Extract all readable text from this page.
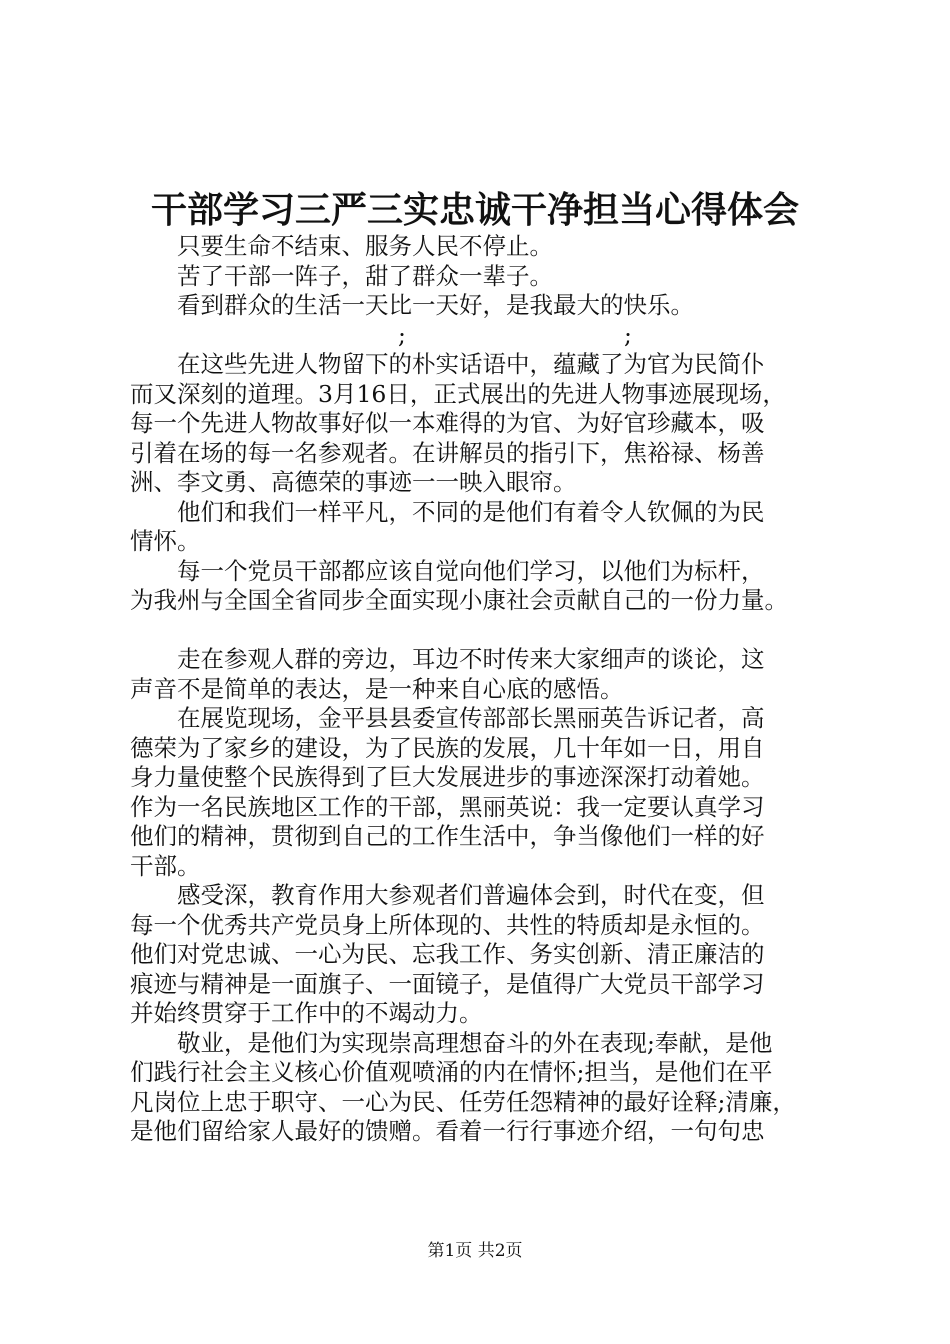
干部学习三严三实忠诚干净担当心得体会
只要生命不结束、服务人民不停止。
苦了干部一阵子，甜了群众一辈子。
看到群众的生活一天比一天好，是我最大的快乐。
;	;
在这些先进人物留下的朴实话语中，蕴藏了为官为民简仆
而又深刻的道理。3月16日，正式展出的先进人物事迹展现场，
每一个先进人物故事好似一本难得的为官、为好官珍藏本，吸
引着在场的每一名参观者。在讲解员的指引下，焦裕禄、杨善
洲、李文勇、高德荣的事迹一一映入眼帘。
他们和我们一样平凡，不同的是他们有着令人钦佩的为民
情怀。
每一个党员干部都应该自觉向他们学习，以他们为标杆，
为我州与全国全省同步全面实现小康社会贡献自己的一份力量。
走在参观人群的旁边，耳边不时传来大家细声的谈论，这
声音不是简单的表达，是一种来自心底的感悟。
在展览现场，金平县县委宣传部部长黑丽英告诉记者，高
德荣为了家乡的建设，为了民族的发展，几十年如一日，用自
身力量使整个民族得到了巨大发展进步的事迹深深打动着她。
作为一名民族地区工作的干部，黑丽英说：我一定要认真学习
他们的精神，贯彻到自己的工作生活中，争当像他们一样的好
干部。
感受深，教育作用大参观者们普遍体会到，时代在变，但
每一个优秀共产党员身上所体现的、共性的特质却是永恒的。
他们对党忠诚、一心为民、忘我工作、务实创新、清正廉洁的
痕迹与精神是一面旗子、一面镜子，是值得广大党员干部学习
并始终贯穿于工作中的不竭动力。
敬业，是他们为实现崇高理想奋斗的外在表现;奉献，是他
们践行社会主义核心价值观喷涌的内在情怀;担当，是他们在平
凡岗位上忠于职守、一心为民、任劳任怨精神的最好诠释;清廉，
是他们留给家人最好的馈赠。看着一行行事迹介绍，一句句忠
第1页 共2页
